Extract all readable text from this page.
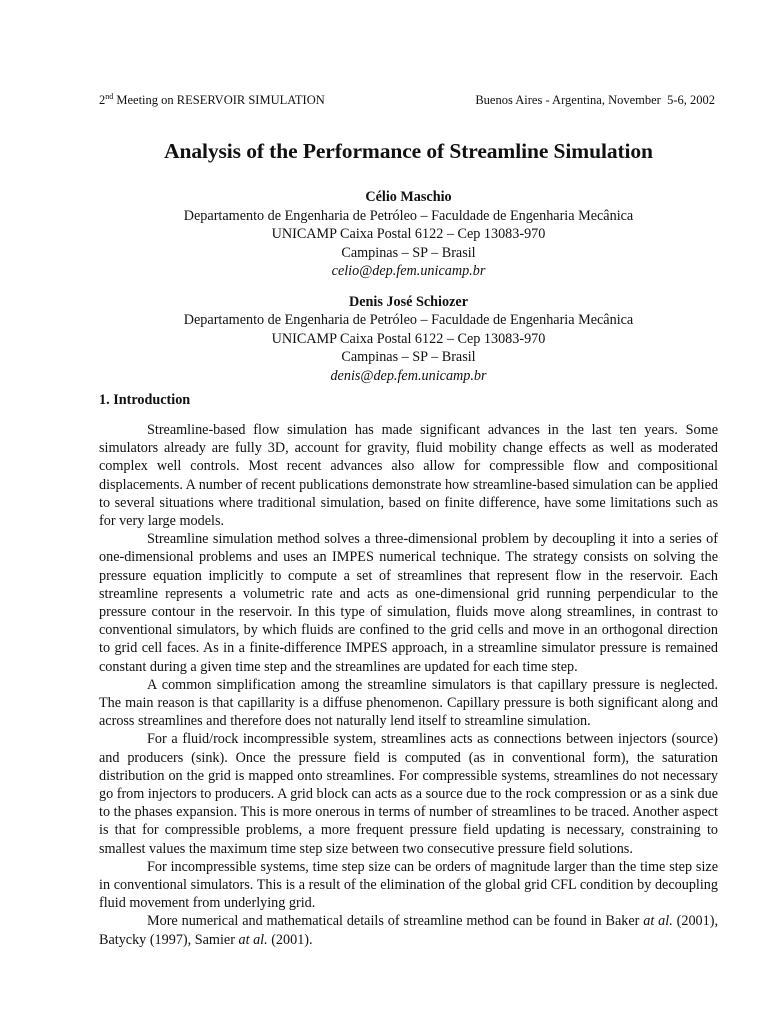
2nd Meeting on RESERVOIR SIMULATION	Buenos Aires - Argentina, November  5-6, 2002
Analysis of the Performance of Streamline Simulation
Célio Maschio
Departamento de Engenharia de Petróleo – Faculdade de Engenharia Mecânica
UNICAMP Caixa Postal 6122 – Cep 13083-970
Campinas – SP – Brasil
celio@dep.fem.unicamp.br
Denis José Schiozer
Departamento de Engenharia de Petróleo – Faculdade de Engenharia Mecânica
UNICAMP Caixa Postal 6122 – Cep 13083-970
Campinas – SP – Brasil
denis@dep.fem.unicamp.br
1. Introduction

Streamline-based flow simulation has made significant advances in the last ten years. Some simulators already are fully 3D, account for gravity, fluid mobility change effects as well as moderated complex well controls. Most recent advances also allow for compressible flow and compositional displacements. A number of recent publications demonstrate how streamline-based simulation can be applied to several situations where traditional simulation, based on finite difference, have some limitations such as for very large models.

Streamline simulation method solves a three-dimensional problem by decoupling it into a series of one-dimensional problems and uses an IMPES numerical technique. The strategy consists on solving the pressure equation implicitly to compute a set of streamlines that represent flow in the reservoir. Each streamline represents a volumetric rate and acts as one-dimensional grid running perpendicular to the pressure contour in the reservoir. In this type of simulation, fluids move along streamlines, in contrast to conventional simulators, by which fluids are confined to the grid cells and move in an orthogonal direction to grid cell faces. As in a finite-difference IMPES approach, in a streamline simulator pressure is remained constant during a given time step and the streamlines are updated for each time step.

A common simplification among the streamline simulators is that capillary pressure is neglected. The main reason is that capillarity is a diffuse phenomenon. Capillary pressure is both significant along and across streamlines and therefore does not naturally lend itself to streamline simulation.

For a fluid/rock incompressible system, streamlines acts as connections between injectors (source) and producers (sink). Once the pressure field is computed (as in conventional form), the saturation distribution on the grid is mapped onto streamlines. For compressible systems, streamlines do not necessary go from injectors to producers. A grid block can acts as a source due to the rock compression or as a sink due to the phases expansion. This is more onerous in terms of number of streamlines to be traced. Another aspect is that for compressible problems, a more frequent pressure field updating is necessary, constraining to smallest values the maximum time step size between two consecutive pressure field solutions.

For incompressible systems, time step size can be orders of magnitude larger than the time step size in conventional simulators. This is a result of the elimination of the global grid CFL condition by decoupling fluid movement from underlying grid.

More numerical and mathematical details of streamline method can be found in Baker at al. (2001), Batycky (1997), Samier at al. (2001).
